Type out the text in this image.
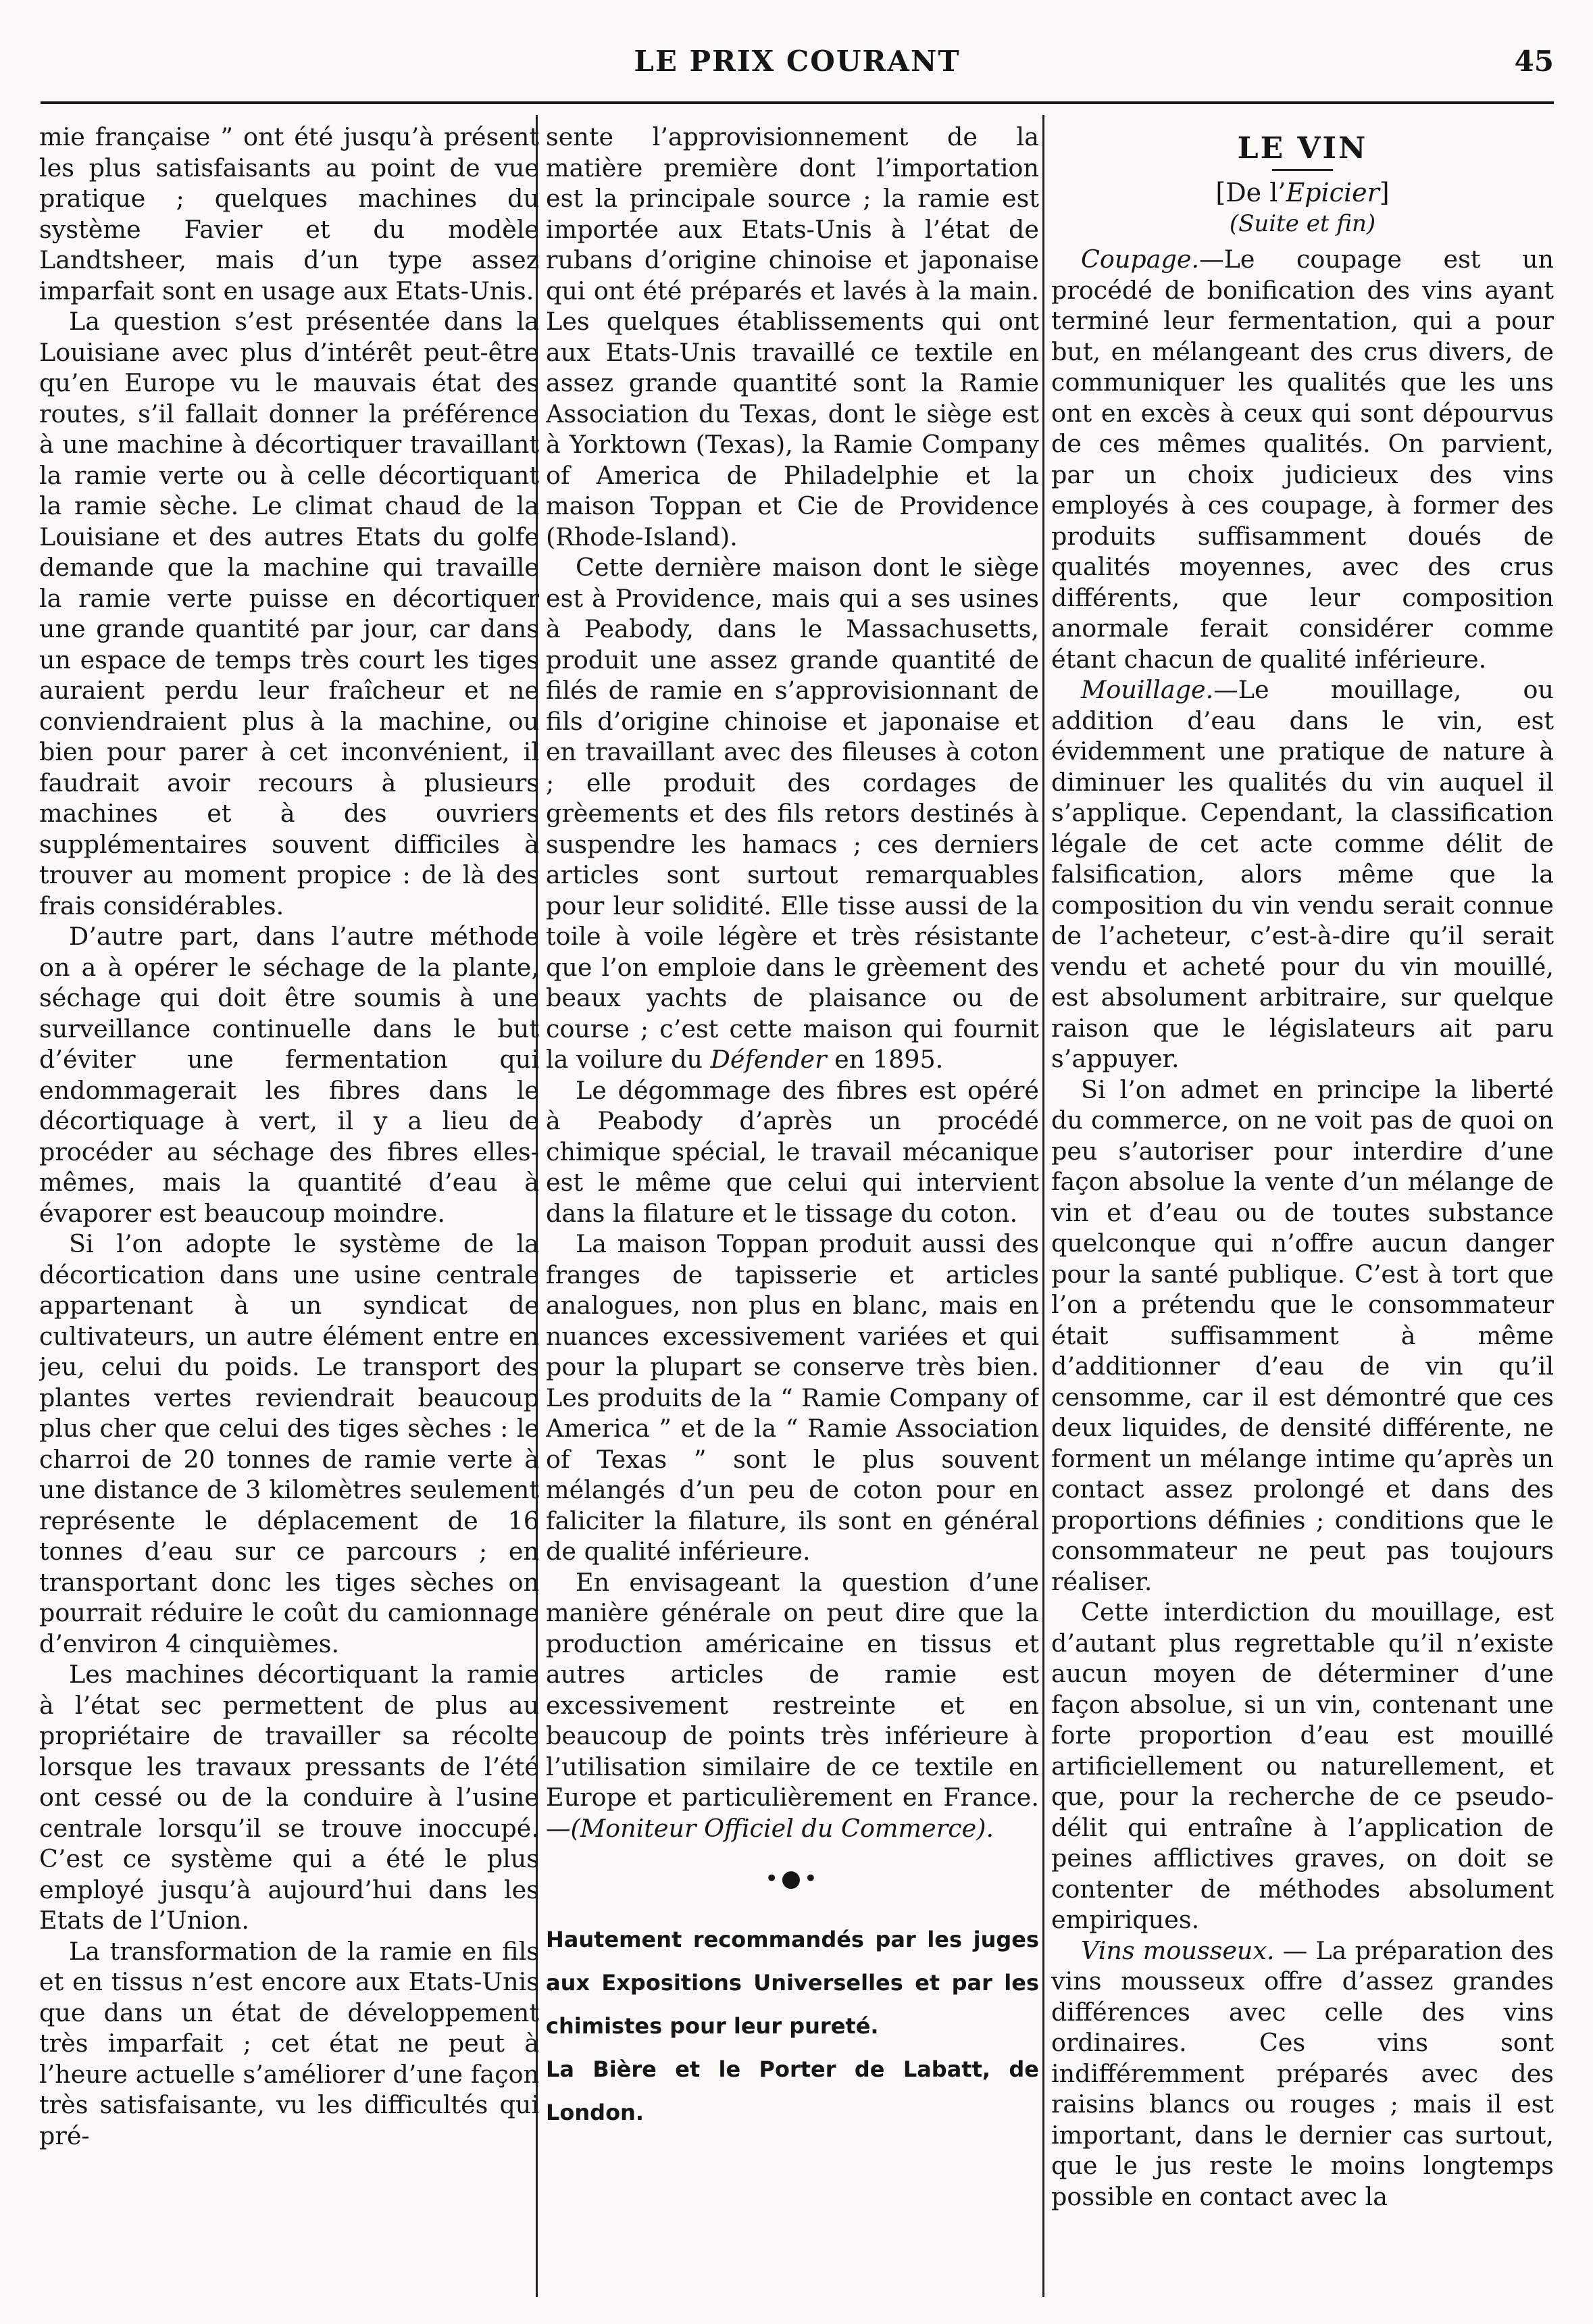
LE PRIX COURANT	45

mie française ” ont été jusqu’à présent les plus satisfaisants au point de vue pratique ; quelques machines du système Favier et du modèle Landtsheer, mais d’un type assez imparfait sont en usage aux Etats-Unis.

La question s’est présentée dans la Louisiane avec plus d’intérêt peut-être qu’en Europe vu le mauvais état des routes, s’il fallait donner la préférence à une machine à décortiquer travaillant la ramie verte ou à celle décortiquant la ramie sèche. Le climat chaud de la Louisiane et des autres Etats du golfe demande que la machine qui travaille la ramie verte puisse en décortiquer une grande quantité par jour, car dans un espace de temps très court les tiges auraient perdu leur fraîcheur et ne conviendraient plus à la machine, ou bien pour parer à cet inconvénient, il faudrait avoir recours à plusieurs machines et à des ouvriers supplémentaires souvent difficiles à trouver au moment propice : de là des frais considérables.

D’autre part, dans l’autre méthode on a à opérer le séchage de la plante, séchage qui doit être soumis à une surveillance continuelle dans le but d’éviter une fermentation qui endommagerait les fibres dans le décortiquage à vert, il y a lieu de procéder au séchage des fibres elles-mêmes, mais la quantité d’eau à évaporer est beaucoup moindre.

Si l’on adopte le système de la décortication dans une usine centrale appartenant à un syndicat de cultivateurs, un autre élément entre en jeu, celui du poids. Le transport des plantes vertes reviendrait beaucoup plus cher que celui des tiges sèches : le charroi de 20 tonnes de ramie verte à une distance de 3 kilomètres seulement représente le déplacement de 16 tonnes d’eau sur ce parcours ; en transportant donc les tiges sèches on pourrait réduire le coût du camionnage d’environ 4 cinquièmes.

Les machines décortiquant la ramie à l’état sec permettent de plus au propriétaire de travailler sa récolte lorsque les travaux pressants de l’été ont cessé ou de la conduire à l’usine centrale lorsqu’il se trouve inoccupé. C’est ce système qui a été le plus employé jusqu’à aujourd’hui dans les Etats de l’Union.

La transformation de la ramie en fils et en tissus n’est encore aux Etats-Unis que dans un état de développement très imparfait ; cet état ne peut à l’heure actuelle s’améliorer d’une façon très satisfaisante, vu les difficultés qui pré-

sente l’approvisionnement de la matière première dont l’importation est la principale source ; la ramie est importée aux Etats-Unis à l’état de rubans d’origine chinoise et japonaise qui ont été préparés et lavés à la main. Les quelques établissements qui ont aux Etats-Unis travaillé ce textile en assez grande quantité sont la Ramie Association du Texas, dont le siège est à Yorktown (Texas), la Ramie Company of America de Philadelphie et la maison Toppan et Cie de Providence (Rhode-Island).

Cette dernière maison dont le siège est à Providence, mais qui a ses usines à Peabody, dans le Massachusetts, produit une assez grande quantité de filés de ramie en s’approvisionnant de fils d’origine chinoise et japonaise et en travaillant avec des fileuses à coton ; elle produit des cordages de grèements et des fils retors destinés à suspendre les hamacs ; ces derniers articles sont surtout remarquables pour leur solidité. Elle tisse aussi de la toile à voile légère et très résistante que l’on emploie dans le grèement des beaux yachts de plaisance ou de course ; c’est cette maison qui fournit la voilure du Défender en 1895.

Le dégommage des fibres est opéré à Peabody d’après un procédé chimique spécial, le travail mécanique est le même que celui qui intervient dans la filature et le tissage du coton.

La maison Toppan produit aussi des franges de tapisserie et articles analogues, non plus en blanc, mais en nuances excessivement variées et qui pour la plupart se conserve très bien. Les produits de la “ Ramie Company of America ” et de la “ Ramie Association of Texas ” sont le plus souvent mélangés d’un peu de coton pour en faliciter la filature, ils sont en général de qualité inférieure.

En envisageant la question d’une manière générale on peut dire que la production américaine en tissus et autres articles de ramie est excessivement restreinte et en beaucoup de points très inférieure à l’utilisation similaire de ce textile en Europe et particulièrement en France.—(Moniteur Officiel du Commerce).

•●•

Hautement recommandés par les juges aux Expositions Universelles et par les chimistes pour leur pureté.

La Bière et le Porter de Labatt, de London.

LE VIN
[De l’Epicier]
(Suite et fin)

Coupage.—Le coupage est un procédé de bonification des vins ayant terminé leur fermentation, qui a pour but, en mélangeant des crus divers, de communiquer les qualités que les uns ont en excès à ceux qui sont dépourvus de ces mêmes qualités. On parvient, par un choix judicieux des vins employés à ces coupage, à former des produits suffisamment doués de qualités moyennes, avec des crus différents, que leur composition anormale ferait considérer comme étant chacun de qualité inférieure.

Mouillage.—Le mouillage, ou addition d’eau dans le vin, est évidemment une pratique de nature à diminuer les qualités du vin auquel il s’applique. Cependant, la classification légale de cet acte comme délit de falsification, alors même que la composition du vin vendu serait connue de l’acheteur, c’est-à-dire qu’il serait vendu et acheté pour du vin mouillé, est absolument arbitraire, sur quelque raison que le législateurs ait paru s’appuyer.

Si l’on admet en principe la liberté du commerce, on ne voit pas de quoi on peu s’autoriser pour interdire d’une façon absolue la vente d’un mélange de vin et d’eau ou de toutes substance quelconque qui n’offre aucun danger pour la santé publique. C’est à tort que l’on a prétendu que le consommateur était suffisamment à même d’additionner d’eau de vin qu’il censomme, car il est démontré que ces deux liquides, de densité différente, ne forment un mélange intime qu’après un contact assez prolongé et dans des proportions définies ; conditions que le consommateur ne peut pas toujours réaliser.

Cette interdiction du mouillage, est d’autant plus regrettable qu’il n’existe aucun moyen de déterminer d’une façon absolue, si un vin, contenant une forte proportion d’eau est mouillé artificiellement ou naturellement, et que, pour la recherche de ce pseudo-délit qui entraîne à l’application de peines afflictives graves, on doit se contenter de méthodes absolument empiriques.

Vins mousseux. — La préparation des vins mousseux offre d’assez grandes différences avec celle des vins ordinaires. Ces vins sont indifféremment préparés avec des raisins blancs ou rouges ; mais il est important, dans le dernier cas surtout, que le jus reste le moins longtemps possible en contact avec la
